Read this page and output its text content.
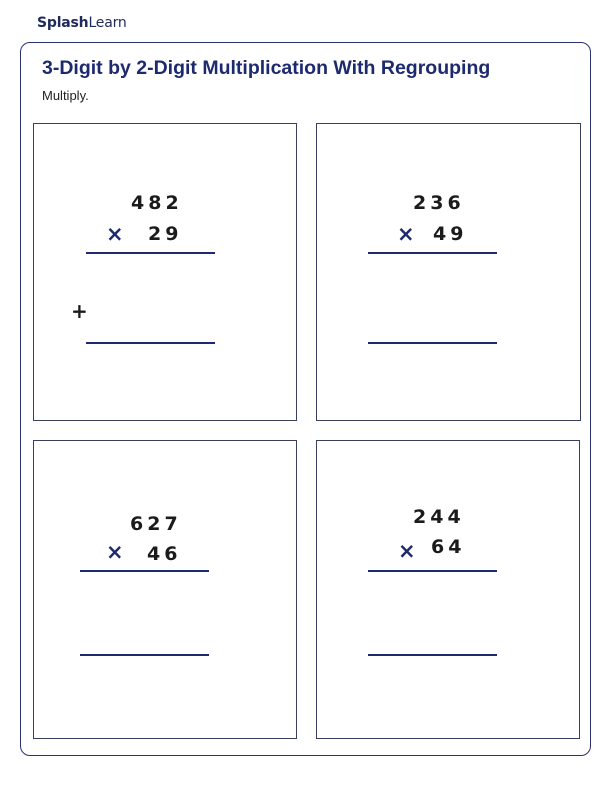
SplashLearn
3-Digit by 2-Digit Multiplication With Regrouping
Multiply.
482
× 29
+
236
× 49
627
× 46
244
× 64
